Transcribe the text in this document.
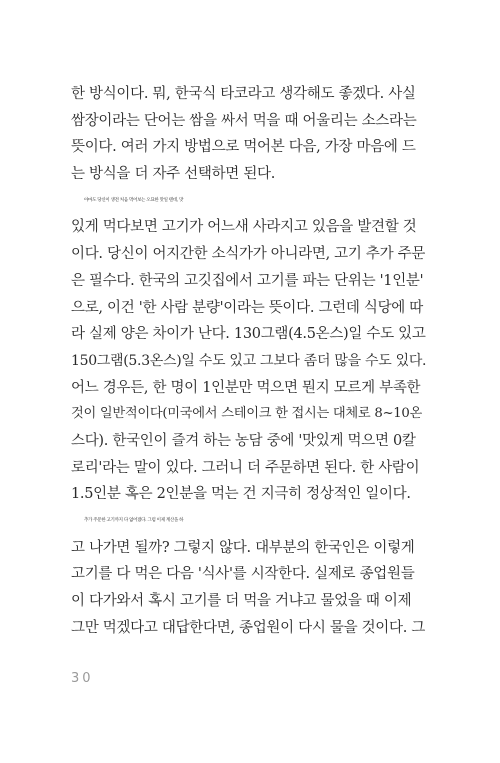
한 방식이다. 뭐, 한국식 타코라고 생각해도 좋겠다. 사실
쌈장이라는 단어는 쌈을 싸서 먹을 때 어울리는 소스라는
뜻이다. 여러 가지 방법으로 먹어본 다음, 가장 마음에 드
는 방식을 더 자주 선택하면 된다.

아마도 당신이 생전 처음 먹어보는 오묘한 맛일 텐데, 맛
있게 먹다보면 고기가 어느새 사라지고 있음을 발견할 것
이다. 당신이 어지간한 소식가가 아니라면, 고기 추가 주문
은 필수다. 한국의 고깃집에서 고기를 파는 단위는 '1인분'
으로, 이건 '한 사람 분량'이라는 뜻이다. 그런데 식당에 따
라 실제 양은 차이가 난다. 130그램(4.5온스)일 수도 있고
150그램(5.3온스)일 수도 있고 그보다 좀더 많을 수도 있다.
어느 경우든, 한 명이 1인분만 먹으면 뭔지 모르게 부족한
것이 일반적이다(미국에서 스테이크 한 접시는 대체로 8~10온
스다). 한국인이 즐겨 하는 농담 중에 '맛있게 먹으면 0칼
로리'라는 말이 있다. 그러니 더 주문하면 된다. 한 사람이
1.5인분 혹은 2인분을 먹는 건 지극히 정상적인 일이다.

추가 주문한 고기까지 다 없어졌다. 그럼 이제 계산을 하
고 나가면 될까? 그렇지 않다. 대부분의 한국인은 이렇게
고기를 다 먹은 다음 '식사'를 시작한다. 실제로 종업원들
이 다가와서 혹시 고기를 더 먹을 거냐고 물었을 때 이제
그만 먹겠다고 대답한다면, 종업원이 다시 물을 것이다. 그

30
